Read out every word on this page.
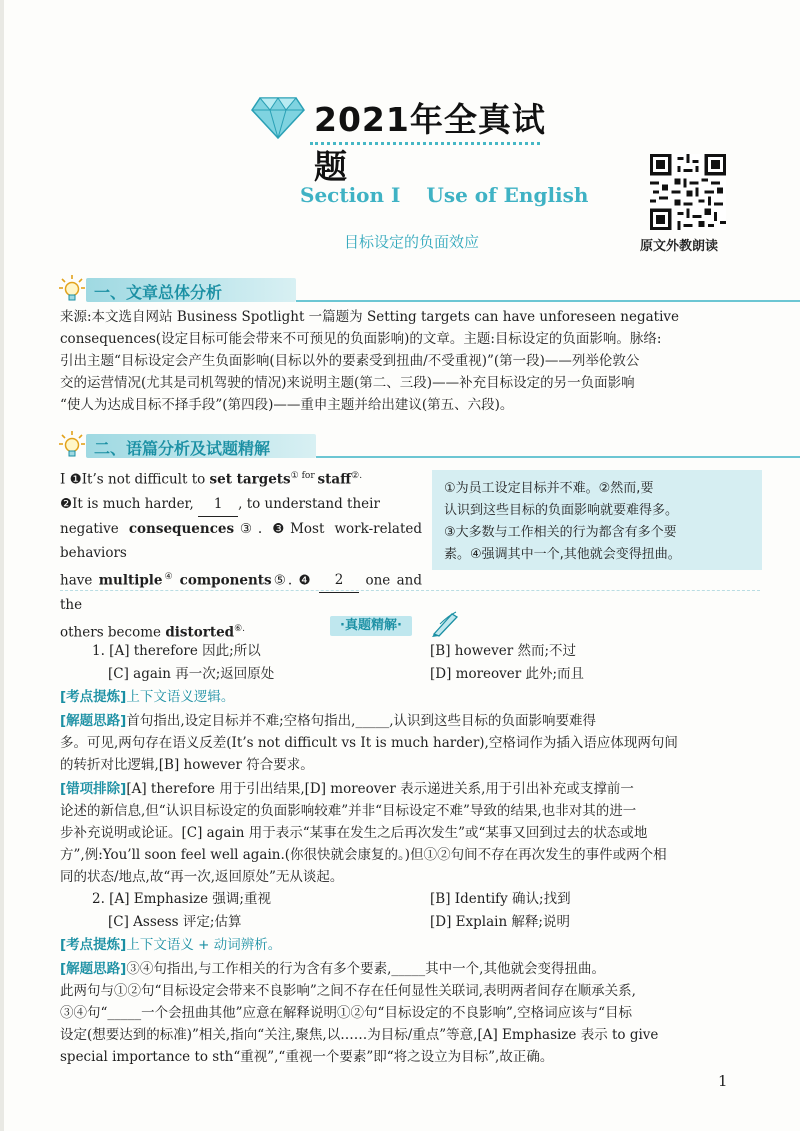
2021年全真试题
Section Ⅰ Use of English
目标设定的负面效应	原文外教朗读
一、文章总体分析
来源:本文选自网站 Business Spotlight 一篇题为 Setting targets can have unforeseen negative
consequences(设定目标可能会带来不可预见的负面影响)的文章。主题:目标设定的负面影响。脉络:
引出主题“目标设定会产生负面影响(目标以外的要素受到扭曲/不受重视)”(第一段)——列举伦敦公
交的运营情况(尤其是司机驾驶的情况)来说明主题(第二、三段)——补充目标设定的另一负面影响
“使人为达成目标不择手段”(第四段)——重申主题并给出建议(第五、六段)。
二、语篇分析及试题精解
Ⅰ ❶It’s not difficult to set targets$^{① for}$ staff②.
❷It is much harder, 1 , to understand their
negative consequences③. ❸Most work-related behaviors
have multiple④ components⑤. ❹ 2 one and the
others become distorted⑥.
①为员工设定目标并不难。②然而,要
认识到这些目标的负面影响就要难得多。
③大多数与工作相关的行为都含有多个要
素。④强调其中一个,其他就会变得扭曲。
·真题精解·
1. [A] therefore 因此;所以	[B] however 然而;不过
[C] again 再一次;返回原处	[D] moreover 此外;而且
[考点提炼]上下文语义逻辑。
[解题思路]首句指出,设定目标并不难;空格句指出,_____,认识到这些目标的负面影响要难得
多。可见,两句存在语义反差(It’s not difficult vs It is much harder),空格词作为插入语应体现两句间
的转折对比逻辑,[B] however 符合要求。
[错项排除][A] therefore 用于引出结果,[D] moreover 表示递进关系,用于引出补充或支撑前一
论述的新信息,但“认识目标设定的负面影响较难”并非“目标设定不难”导致的结果,也非对其的进一
步补充说明或论证。[C] again 用于表示“某事在发生之后再次发生”或“某事又回到过去的状态或地
方”,例:You’ll soon feel well again.(你很快就会康复的。)但①②句间不存在再次发生的事件或两个相
同的状态/地点,故“再一次,返回原处”无从谈起。
2. [A] Emphasize 强调;重视	[B] Identify 确认;找到
[C] Assess 评定;估算	[D] Explain 解释;说明
[考点提炼]上下文语义 + 动词辨析。
[解题思路]③④句指出,与工作相关的行为含有多个要素,_____其中一个,其他就会变得扭曲。
此两句与①②句“目标设定会带来不良影响”之间不存在任何显性关联词,表明两者间存在顺承关系,
③④句“_____一个会扭曲其他”应意在解释说明①②句“目标设定的不良影响”,空格词应该与“目标
设定(想要达到的标准)”相关,指向“关注,聚焦,以……为目标/重点”等意,[A] Emphasize 表示 to give
special importance to sth“重视”,“重视一个要素”即“将之设立为目标”,故正确。
1
